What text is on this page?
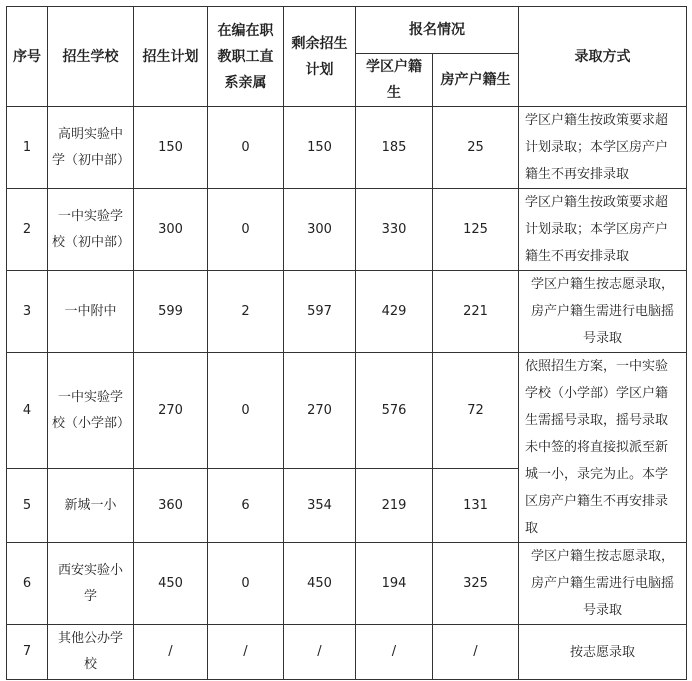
序号	招生学校	招生计划	在编在职教职工直系亲属	剩余招生计划	报名情况		录取方式
					学区户籍生	房产户籍生	
1	高明实验中学（初中部）	150	0	150	185	25	学区户籍生按政策要求超计划录取；本学区房产户籍生不再安排录取
2	一中实验学校（初中部）	300	0	300	330	125	学区户籍生按政策要求超计划录取；本学区房产户籍生不再安排录取
3	一中附中	599	2	597	429	221	学区户籍生按志愿录取，房产户籍生需进行电脑摇号录取
4	一中实验学校（小学部）	270	0	270	576	72	依照招生方案，一中实验学校（小学部）学区户籍生需摇号录取，摇号录取未中签的将直接拟派至新城一小，录完为止。本学区房产户籍生不再安排录取
5	新城一小	360	6	354	219	131	
6	西安实验小学	450	0	450	194	325	学区户籍生按志愿录取，房产户籍生需进行电脑摇号录取
7	其他公办学校	/	/	/	/	/	按志愿录取
